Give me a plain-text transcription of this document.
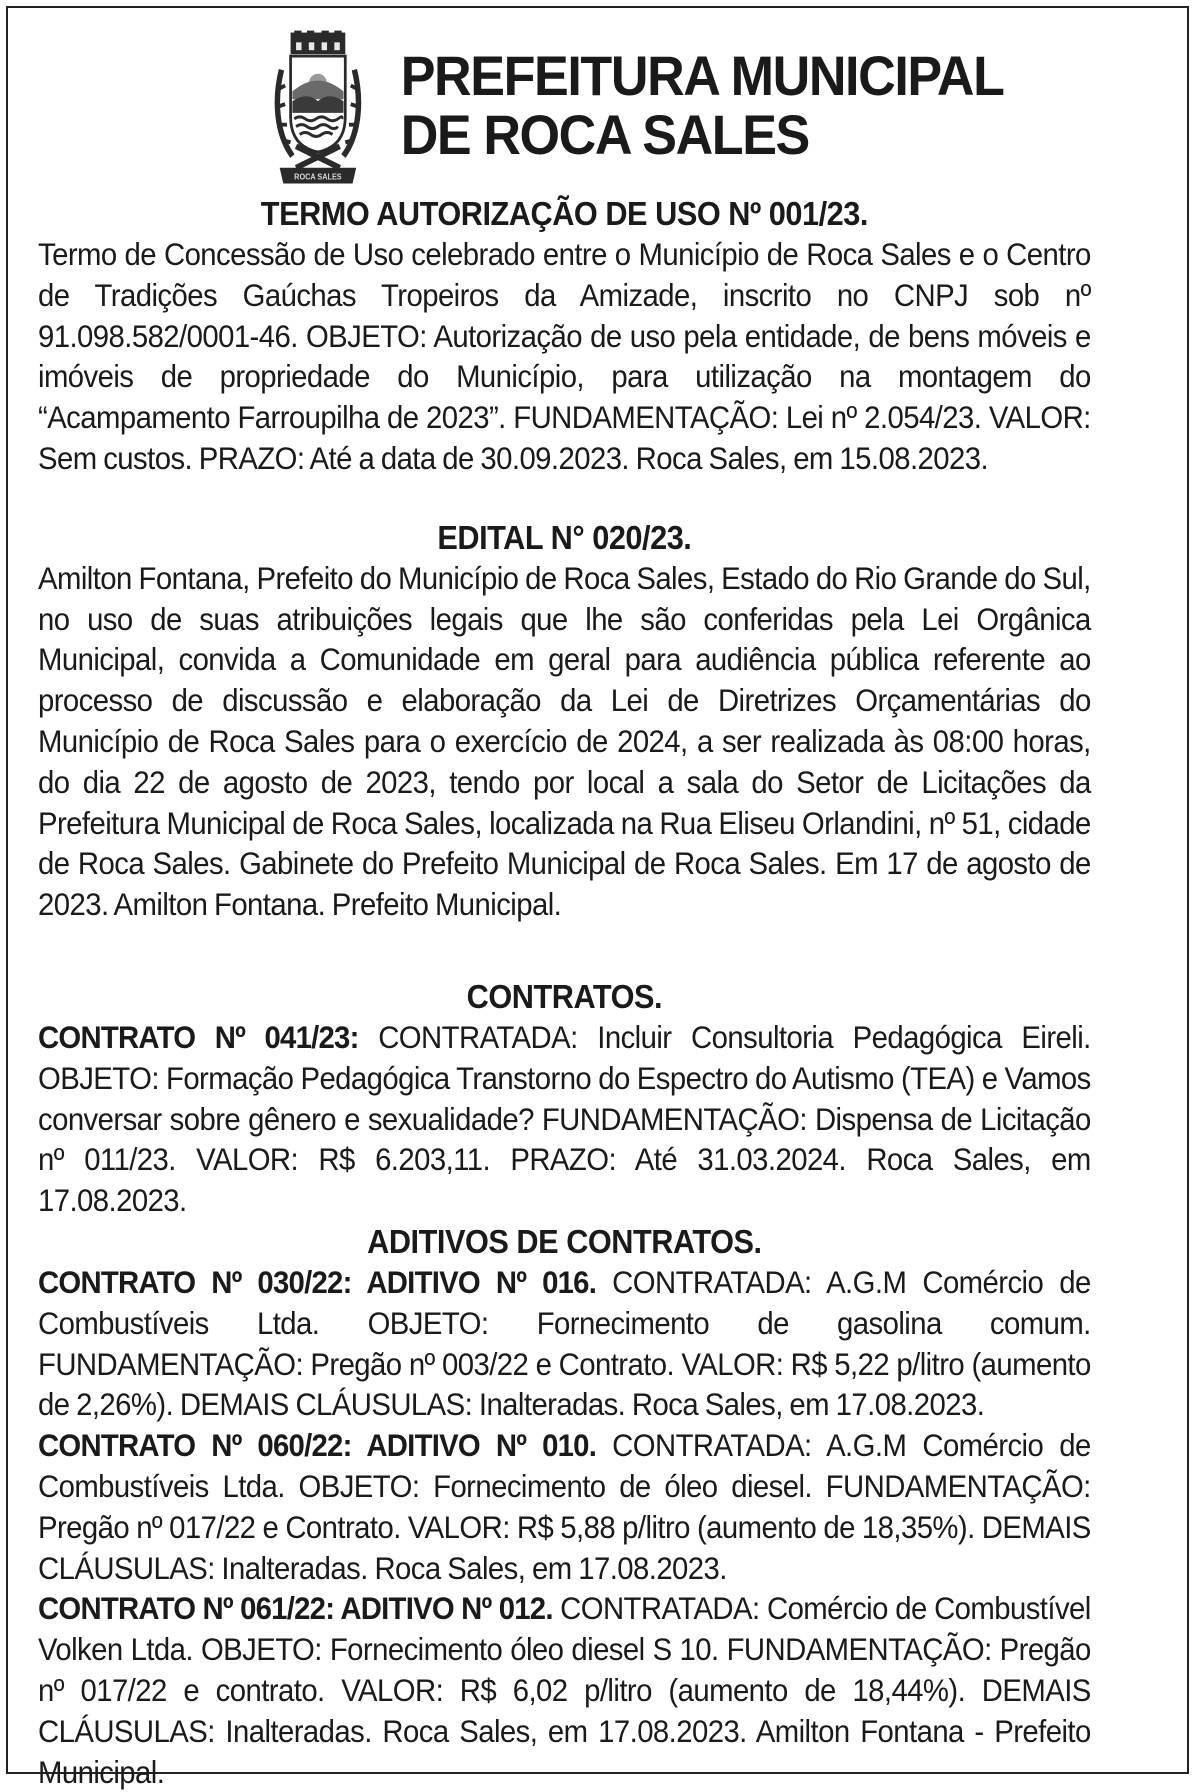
ROCA SALES
PREFEITURA MUNICIPAL
DE ROCA SALES
TERMO AUTORIZAÇÃO DE USO Nº 001/23.

Termo de Concessão de Uso celebrado entre o Município de Roca Sales e o Centro de Tradições Gaúchas Tropeiros da Amizade, inscrito no CNPJ sob nº 91.098.582/0001-46. OBJETO: Autorização de uso pela entidade, de bens móveis e imóveis de propriedade do Município, para utilização na montagem do “Acampamento Farroupilha de 2023”. FUNDAMENTAÇÃO: Lei nº 2.054/23. VALOR: Sem custos. PRAZO: Até a data de 30.09.2023. Roca Sales, em 15.08.2023.

EDITAL N° 020/23.

Amilton Fontana, Prefeito do Município de Roca Sales, Estado do Rio Grande do Sul, no uso de suas atribuições legais que lhe são conferidas pela Lei Orgânica Municipal, convida a Comunidade em geral para audiência pública referente ao processo de discussão e elaboração da Lei de Diretrizes Orçamentárias do Município de Roca Sales para o exercício de 2024, a ser realizada às 08:00 horas, do dia 22 de agosto de 2023, tendo por local a sala do Setor de Licitações da Prefeitura Municipal de Roca Sales, localizada na Rua Eliseu Orlandini, nº 51, cidade de Roca Sales. Gabinete do Prefeito Municipal de Roca Sales. Em 17 de agosto de 2023. Amilton Fontana. Prefeito Municipal.

CONTRATOS.

CONTRATO Nº 041/23: CONTRATADA: Incluir Consultoria Pedagógica Eireli. OBJETO: Formação Pedagógica Transtorno do Espectro do Autismo (TEA) e Vamos conversar sobre gênero e sexualidade? FUNDAMENTAÇÃO: Dispensa de Licitação nº 011/23. VALOR: R$ 6.203,11. PRAZO: Até 31.03.2024. Roca Sales, em 17.08.2023.

ADITIVOS DE CONTRATOS.

CONTRATO Nº 030/22: ADITIVO Nº 016. CONTRATADA: A.G.M Comércio de Combustíveis Ltda. OBJETO: Fornecimento de gasolina comum. FUNDAMENTAÇÃO: Pregão nº 003/22 e Contrato. VALOR: R$ 5,22 p/litro (aumento de 2,26%). DEMAIS CLÁUSULAS: Inalteradas. Roca Sales, em 17.08.2023.

CONTRATO Nº 060/22: ADITIVO Nº 010. CONTRATADA: A.G.M Comércio de Combustíveis Ltda. OBJETO: Fornecimento de óleo diesel. FUNDAMENTAÇÃO: Pregão nº 017/22 e Contrato. VALOR: R$ 5,88 p/litro (aumento de 18,35%). DEMAIS CLÁUSULAS: Inalteradas. Roca Sales, em 17.08.2023.

CONTRATO Nº 061/22: ADITIVO Nº 012. CONTRATADA: Comércio de Combustível Volken Ltda. OBJETO: Fornecimento óleo diesel S 10. FUNDAMENTAÇÃO: Pregão nº 017/22 e contrato. VALOR: R$ 6,02 p/litro (aumento de 18,44%). DEMAIS CLÁUSULAS: Inalteradas. Roca Sales, em 17.08.2023. Amilton Fontana - Prefeito Municipal.
